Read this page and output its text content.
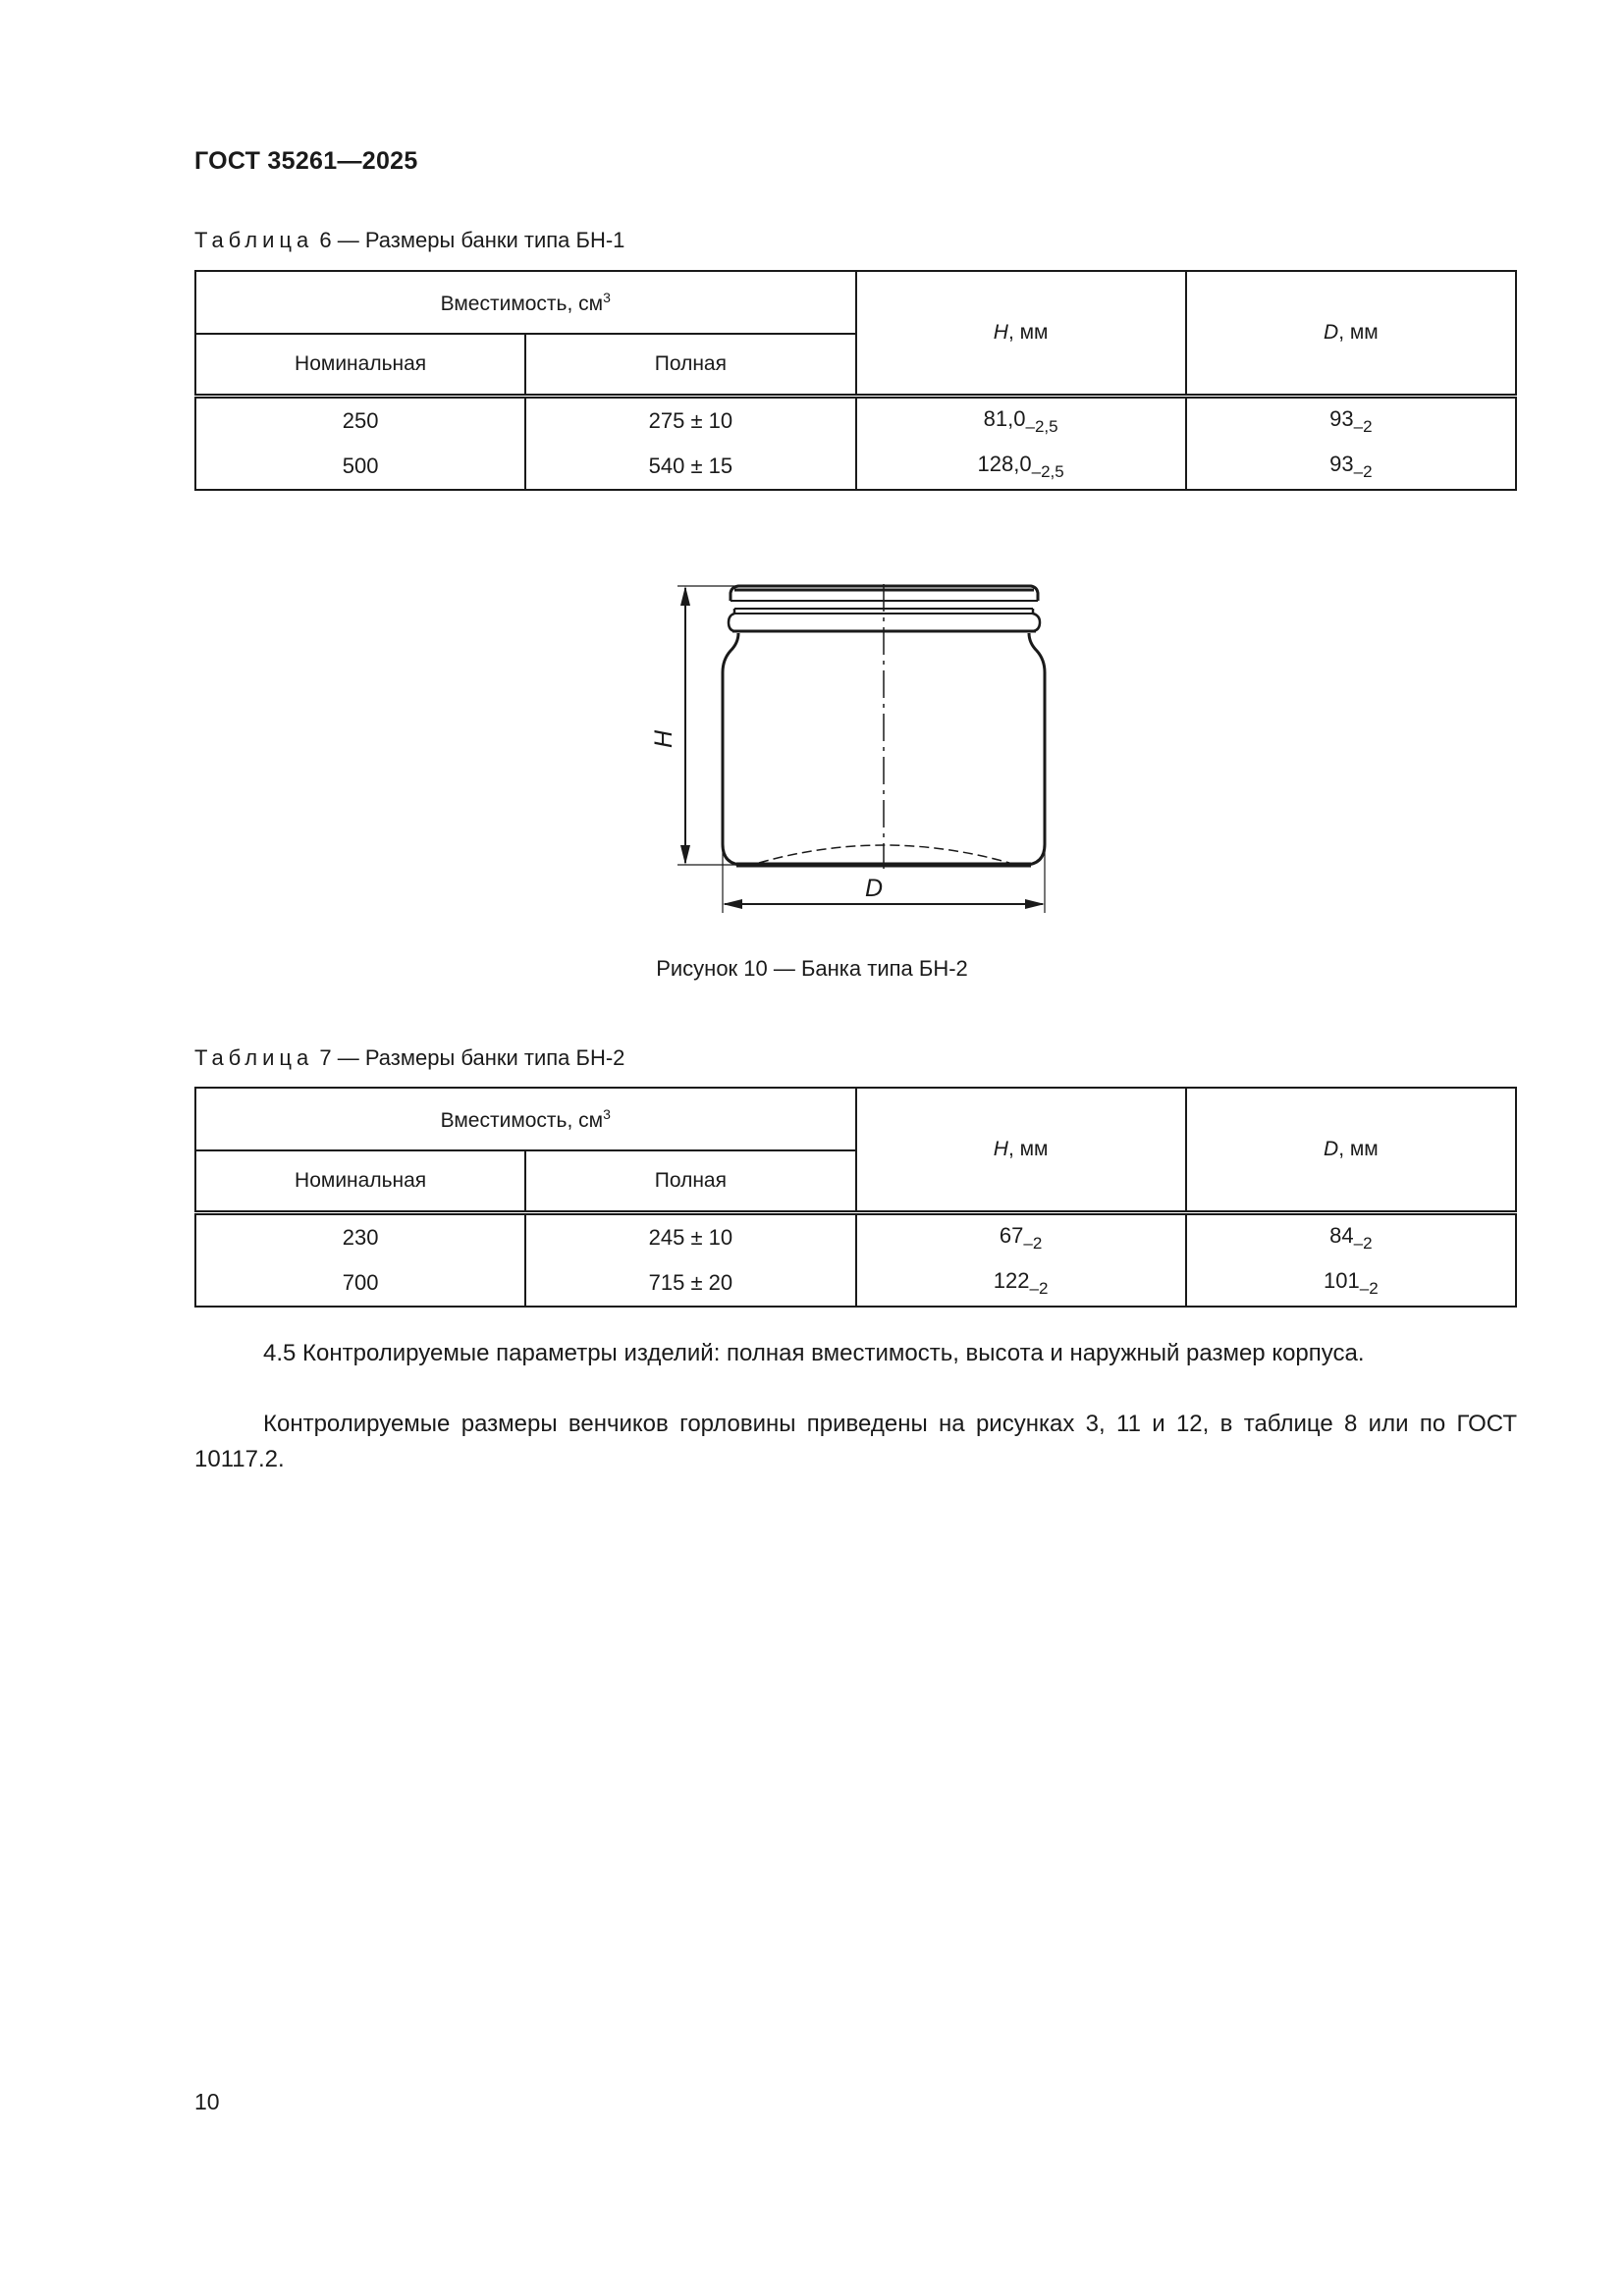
ГОСТ 35261—2025
Таблица 6 — Размеры банки типа БН-1
Вместимость, $см^3$		H, мм	D, мм
Номинальная	Полная		

250	275 ± 10	$81,0_{-2,5}$	$93_{-2}$
500	540 ± 15	$128,0_{-2,5}$	$93_{-2}$
H
D
Рисунок 10 — Банка типа БН-2
Таблица 7 — Размеры банки типа БН-2
Вместимость, $см^3$		H, мм	D, мм
Номинальная	Полная		

230	245 ± 10	$67_{-2}$	$84_{-2}$
700	715 ± 20	$122_{-2}$	$101_{-2}$
4.5 Контролируемые параметры изделий: полная вместимость, высота и наружный размер корпуса.
Контролируемые размеры венчиков горловины приведены на рисунках 3, 11 и 12, в таблице 8 или по ГОСТ 10117.2.
10
